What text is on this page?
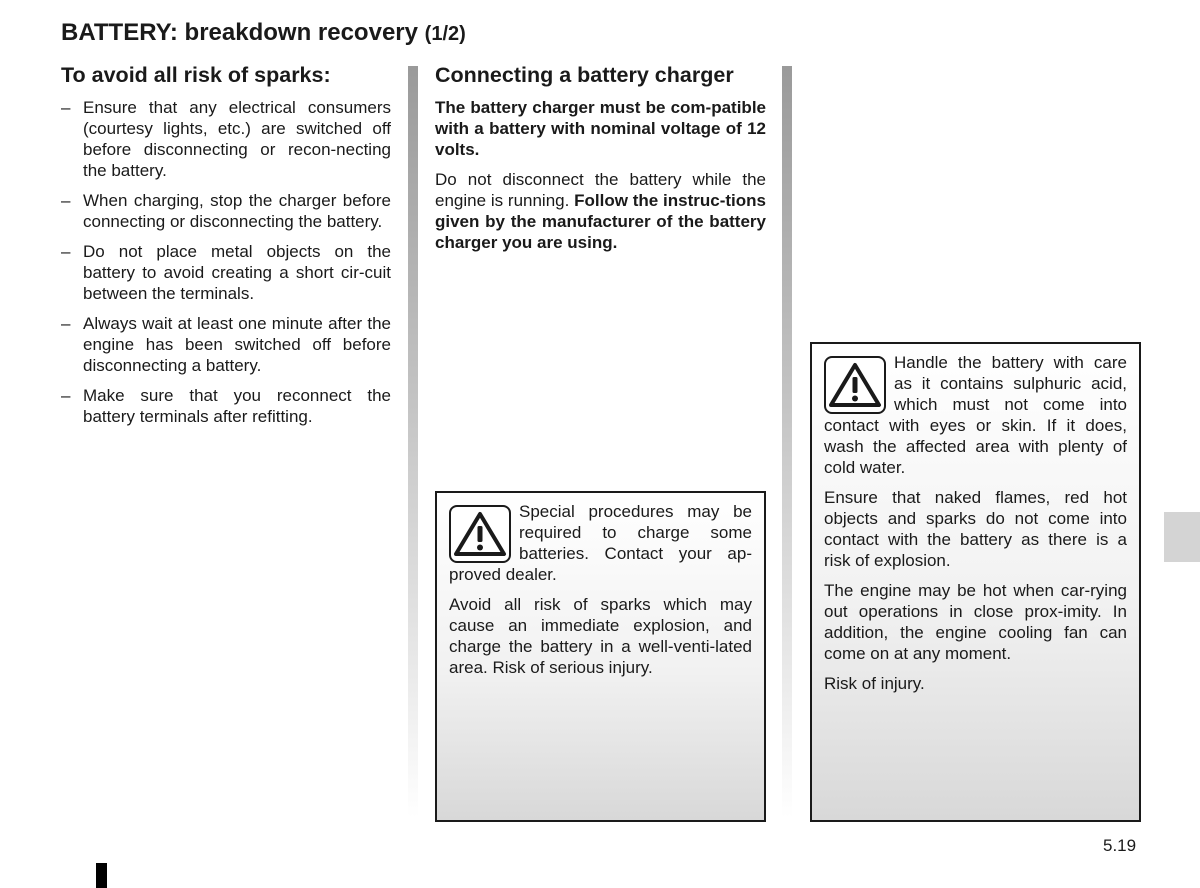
BATTERY: breakdown recovery (1/2)
To avoid all risk of sparks:
– Ensure that any electrical consumers (courtesy lights, etc.) are switched off before disconnecting or recon-necting the battery.
– When charging, stop the charger before connecting or disconnecting the battery.
– Do not place metal objects on the battery to avoid creating a short cir-cuit between the terminals.
– Always wait at least one minute after the engine has been switched off before disconnecting a battery.
– Make sure that you reconnect the battery terminals after refitting.
Connecting a battery charger

The battery charger must be com-patible with a battery with nominal voltage of 12 volts.

Do not disconnect the battery while the engine is running. Follow the instruc-tions given by the manufacturer of the battery charger you are using.

Special procedures may be required to charge some batteries. Contact your ap-proved dealer.

Avoid all risk of sparks which may cause an immediate explosion, and charge the battery in a well-venti-lated area. Risk of serious injury.

Handle the battery with care as it contains sulphuric acid, which must not come into contact with eyes or skin. If it does, wash the affected area with plenty of cold water.

Ensure that naked flames, red hot objects and sparks do not come into contact with the battery as there is a risk of explosion.

The engine may be hot when car-rying out operations in close prox-imity. In addition, the engine cooling fan can come on at any moment.

Risk of injury.

5.19
